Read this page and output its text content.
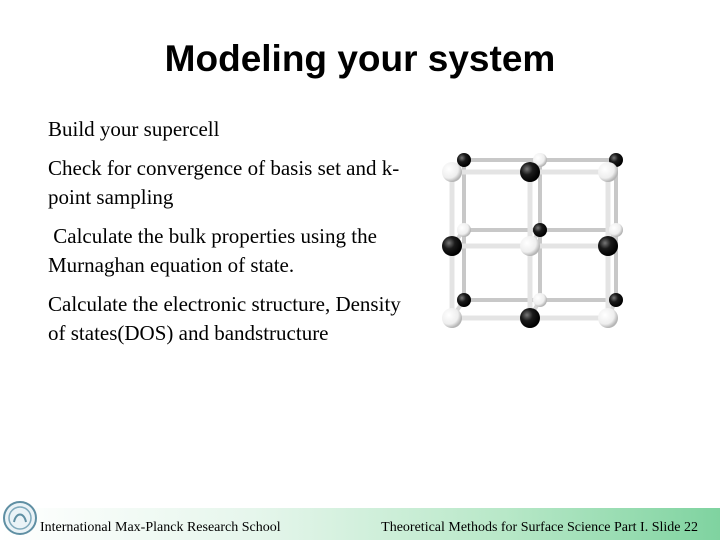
Modeling your system

Build your supercell

Check for convergence of basis set and k-point sampling

Calculate the bulk properties using the Murnaghan equation of state.

Calculate the electronic structure, Density of states(DOS) and bandstructure

International Max-Planck Research School	Theoretical Methods for Surface Science Part I. Slide 22
